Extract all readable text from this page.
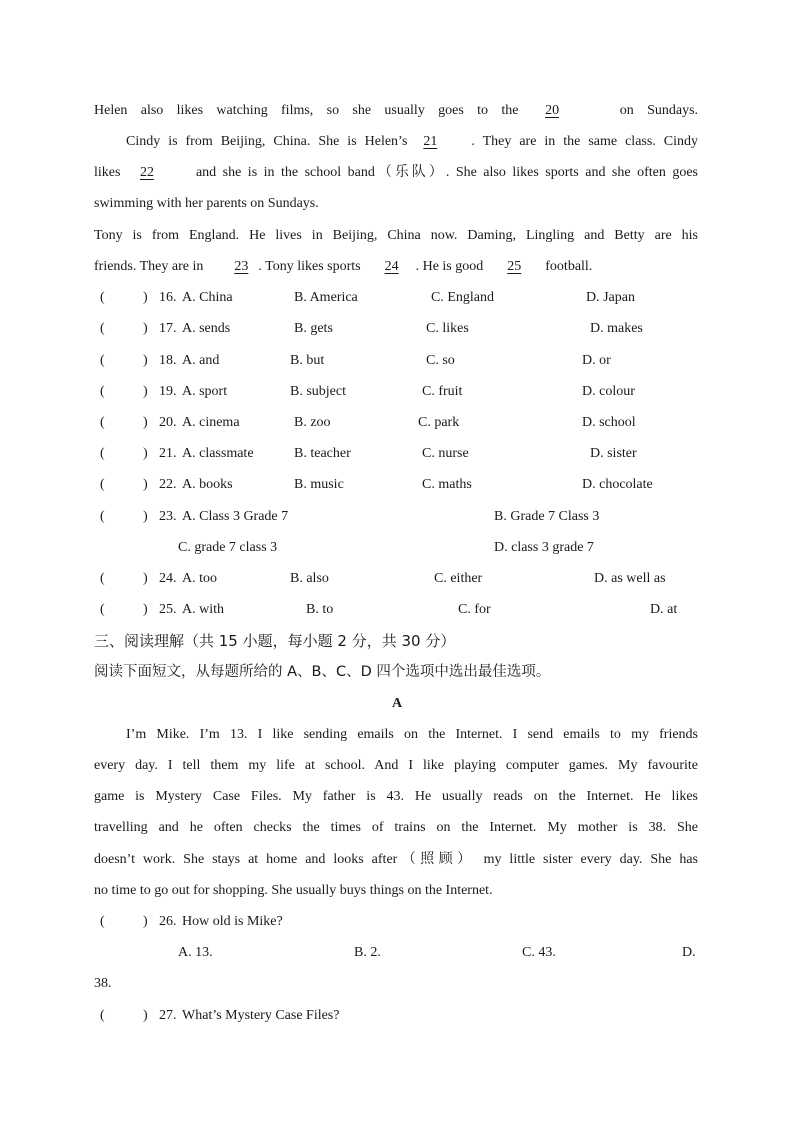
Helen also likes watching films, so she usually goes to the 20	on Sundays.
Cindy is from Beijing, China. She is Helen’s 21 . They are in the same class. Cindy
likes 22	and she is in the school band（乐队）. She also likes sports and she often goes
swimming with her parents on Sundays.
Tony is from England. He lives in Beijing, China now. Daming, Lingling and Betty are his
friends. They are in 23 . Tony likes sports 24 . He is good 25 football.
(	) 16. A. China	B. America	C. England	D. Japan
(	) 17. A. sends	B. gets	C. likes	D. makes
(	) 18. A. and	B. but	C. so	D. or
(	) 19. A. sport	B. subject	C. fruit	D. colour
(	) 20. A. cinema	B. zoo	C. park	D. school
(	) 21. A. classmate	B. teacher	C. nurse	D. sister
(	) 22. A. books	B. music	C. maths	D. chocolate
(	) 23. A. Class 3 Grade 7	B. Grade 7 Class 3
C. grade 7 class 3	D. class 3 grade 7
(	) 24. A. too	B. also	C. either	D. as well as
(	) 25. A. with	B. to	C. for	D. at
三、阅读理解（共 15 小题，每小题 2 分，共 30 分）
阅读下面短文，从每题所给的 A、B、C、D 四个选项中选出最佳选项。
A
I’m Mike. I’m 13. I like sending emails on the Internet. I send emails to my friends
every day. I tell them my life at school. And I like playing computer games. My favourite
game is Mystery Case Files. My father is 43. He usually reads on the Internet. He likes
travelling and he often checks the times of trains on the Internet. My mother is 38. She
doesn’t work. She stays at home and looks after（照顾） my little sister every day. She has
no time to go out for shopping. She usually buys things on the Internet.
(	) 26. How old is Mike?
A. 13.	B. 2.	C. 43.	D.
38.
(	) 27. What’s Mystery Case Files?
